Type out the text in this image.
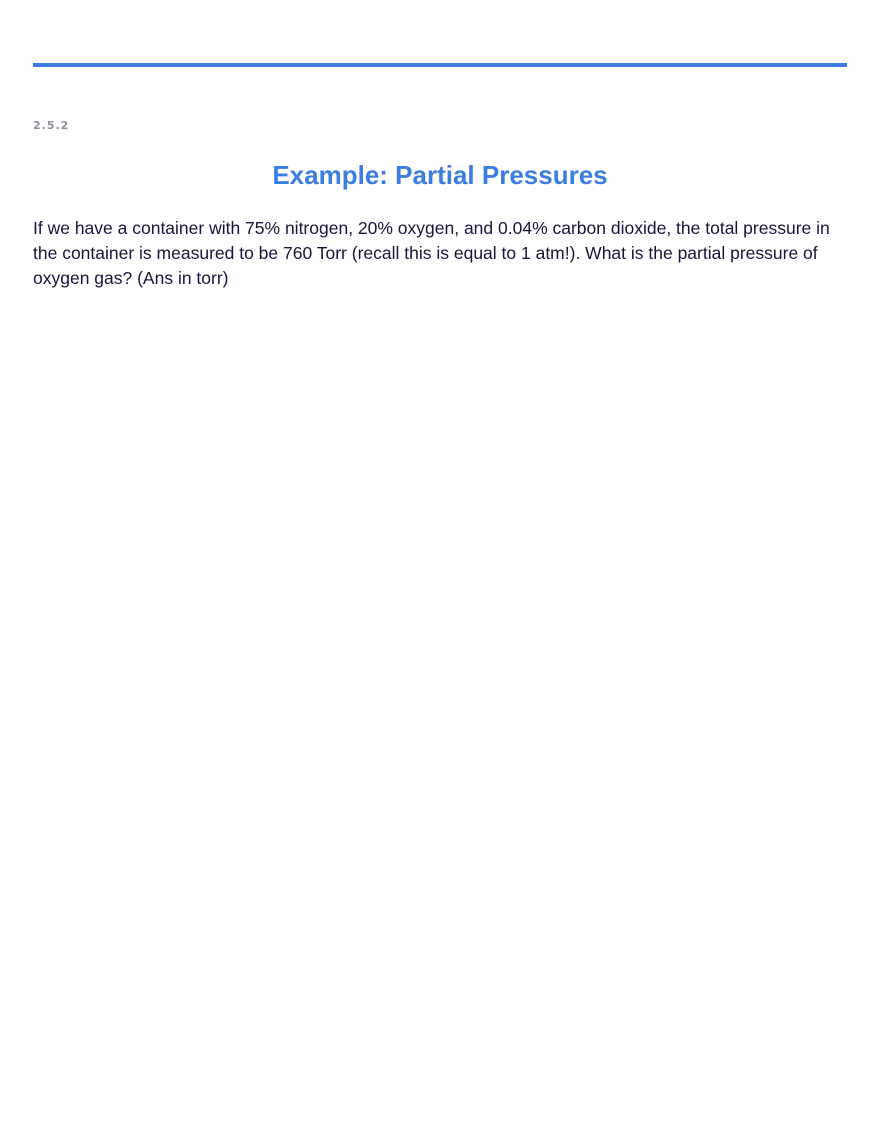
2.5.2
Example: Partial Pressures

If we have a container with 75% nitrogen, 20% oxygen, and 0.04% carbon dioxide, the total pressure in the container is measured to be 760 Torr (recall this is equal to 1 atm!). What is the partial pressure of oxygen gas? (Ans in torr)
